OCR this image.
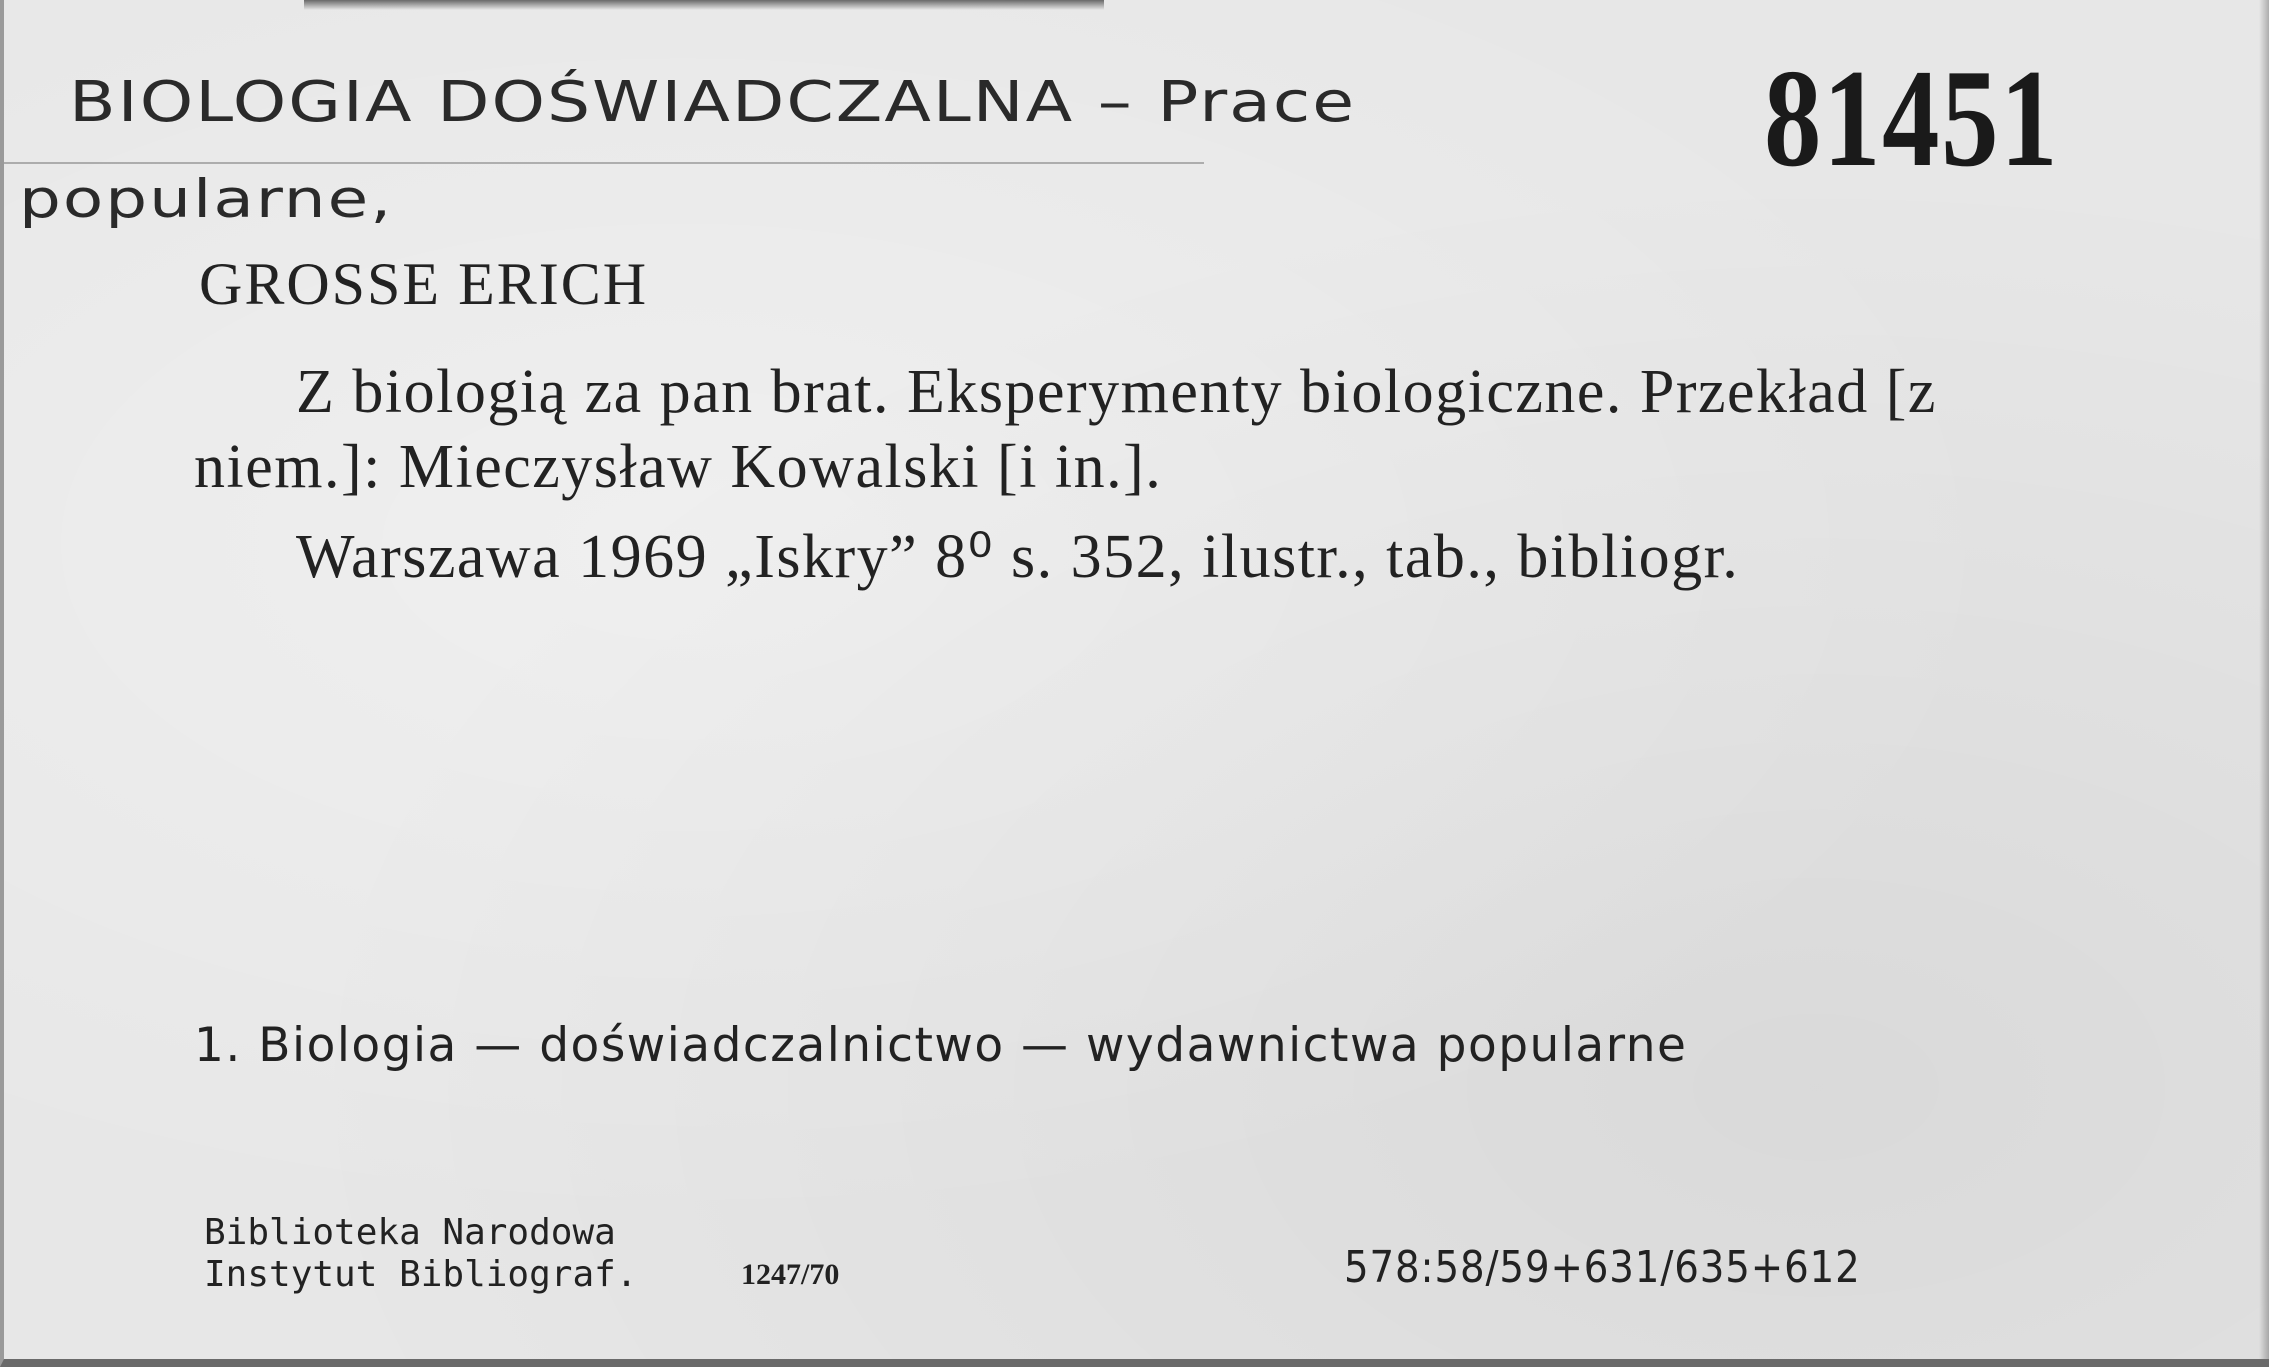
BIOLOGIA DOŚWIADCZALNA – Prace
popularne,
81451
GROSSE ERICH

Z biologią za pan brat. Eksperymenty biologiczne. Przekład [z niem.]: Mieczysław Kowalski [i in.].

Warszawa 1969 „Iskry” 8⁰ s. 352, ilustr., tab., bibliogr.

1. Biologia — doświadczalnictwo — wydawnictwa popularne
Biblioteka Narodowa
Instytut Bibliograf.	1247/70	578:58/59+631/635+612
